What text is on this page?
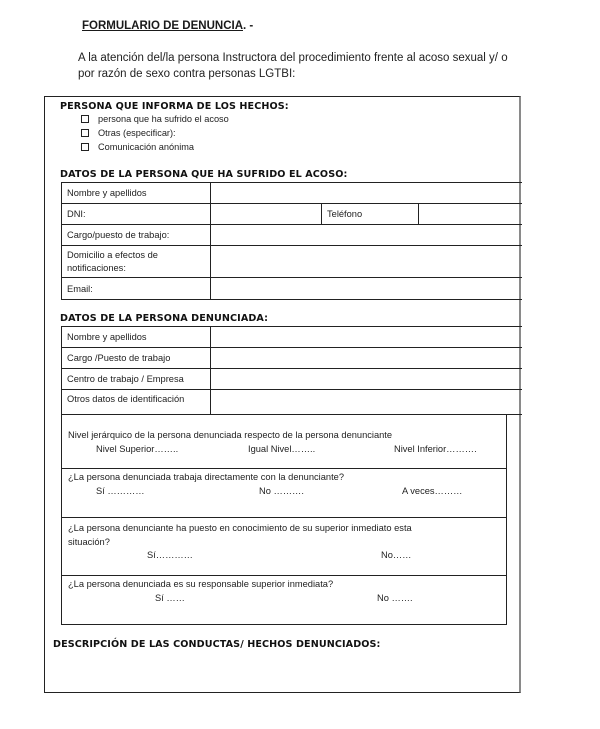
FORMULARIO DE DENUNCIA. -
A la atención del/la persona Instructora del procedimiento frente al acoso sexual y/ o
por razón de sexo contra personas LGTBI:
PERSONA QUE INFORMA DE LOS HECHOS:
persona que ha sufrido el acoso
Otras (especificar):
Comunicación anónima
DATOS DE LA PERSONA QUE HA SUFRIDO EL ACOSO:
Nombre y apellidos			
DNI:		Teléfono	
Cargo/puesto de trabajo:			

Domicilio a efectos de
notificaciones:			

Email:			
DATOS DE LA PERSONA DENUNCIADA:
Nombre y apellidos	
Cargo /Puesto de trabajo	
Centro de trabajo / Empresa	
Otros datos de identificación	
Nivel jerárquico de la persona denunciada respecto de la persona denunciante
Nivel Superior……..	Igual Nivel……..	Nivel Inferior……….
¿La persona denunciada trabaja directamente con la denunciante?
Sí …………	No ……….	A veces………
¿La persona denunciante ha puesto en conocimiento de su superior inmediato esta
situación?
Sí…………	No……
¿La persona denunciada es su responsable superior inmediata?
Sí ……	No …….
DESCRIPCIÓN DE LAS CONDUCTAS/ HECHOS DENUNCIADOS:
